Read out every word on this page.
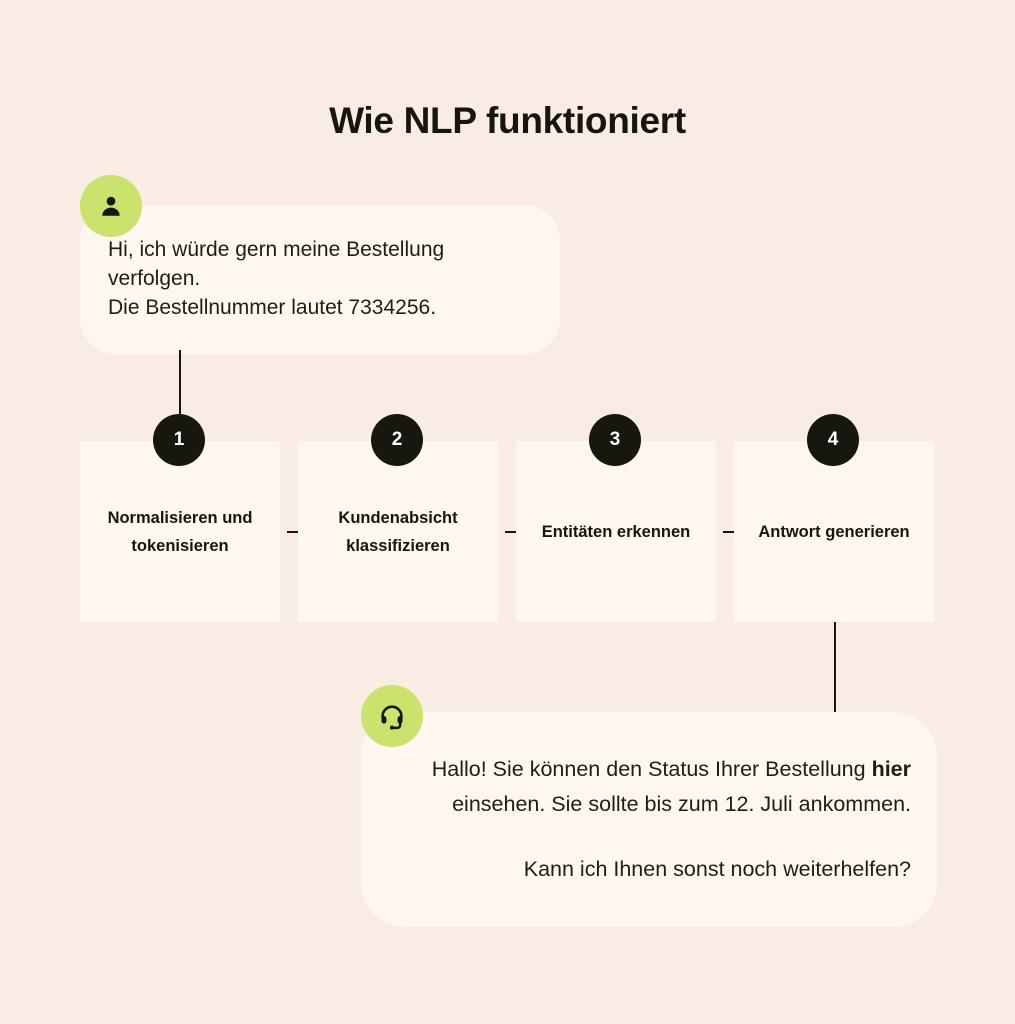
Wie NLP funktioniert
Hi, ich würde gern meine Bestellung
verfolgen.
Die Bestellnummer lautet 7334256.
Normalisieren und tokenisieren
1
Kundenabsicht klassifizieren
2
Entitäten erkennen
3
Antwort generieren
4
Hallo! Sie können den Status Ihrer Bestellung hier einsehen. Sie sollte bis zum 12. Juli ankommen.
Kann ich Ihnen sonst noch weiterhelfen?
